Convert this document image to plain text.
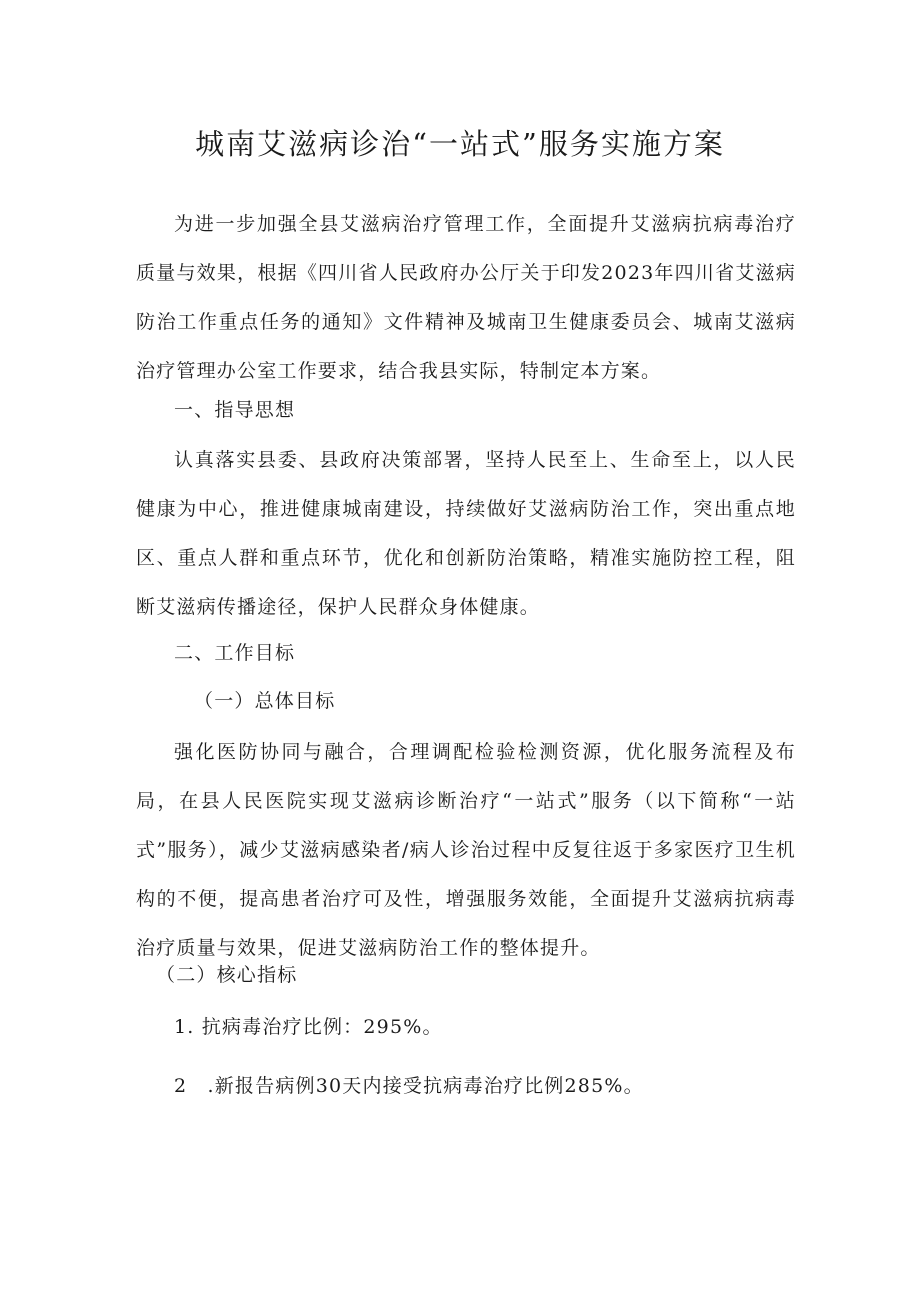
城南艾滋病诊治“一站式”服务实施方案
为进一步加强全县艾滋病治疗管理工作，全面提升艾滋病抗病毒治疗质量与效果，根据《四川省人民政府办公厅关于印发2023年四川省艾滋病防治工作重点任务的通知》文件精神及城南卫生健康委员会、城南艾滋病治疗管理办公室工作要求，结合我县实际，特制定本方案。
一、指导思想
认真落实县委、县政府决策部署，坚持人民至上、生命至上，以人民健康为中心，推进健康城南建设，持续做好艾滋病防治工作，突出重点地区、重点人群和重点环节，优化和创新防治策略，精准实施防控工程，阻断艾滋病传播途径，保护人民群众身体健康。
二、工作目标
（一）总体目标
强化医防协同与融合，合理调配检验检测资源，优化服务流程及布局，在县人民医院实现艾滋病诊断治疗“一站式”服务（以下简称“一站式”服务），减少艾滋病感染者/病人诊治过程中反复往返于多家医疗卫生机构的不便，提高患者治疗可及性，增强服务效能，全面提升艾滋病抗病毒治疗质量与效果，促进艾滋病防治工作的整体提升。
（二）核心指标
1. 抗病毒治疗比例：295%。
2　.新报告病例30天内接受抗病毒治疗比例285%。
